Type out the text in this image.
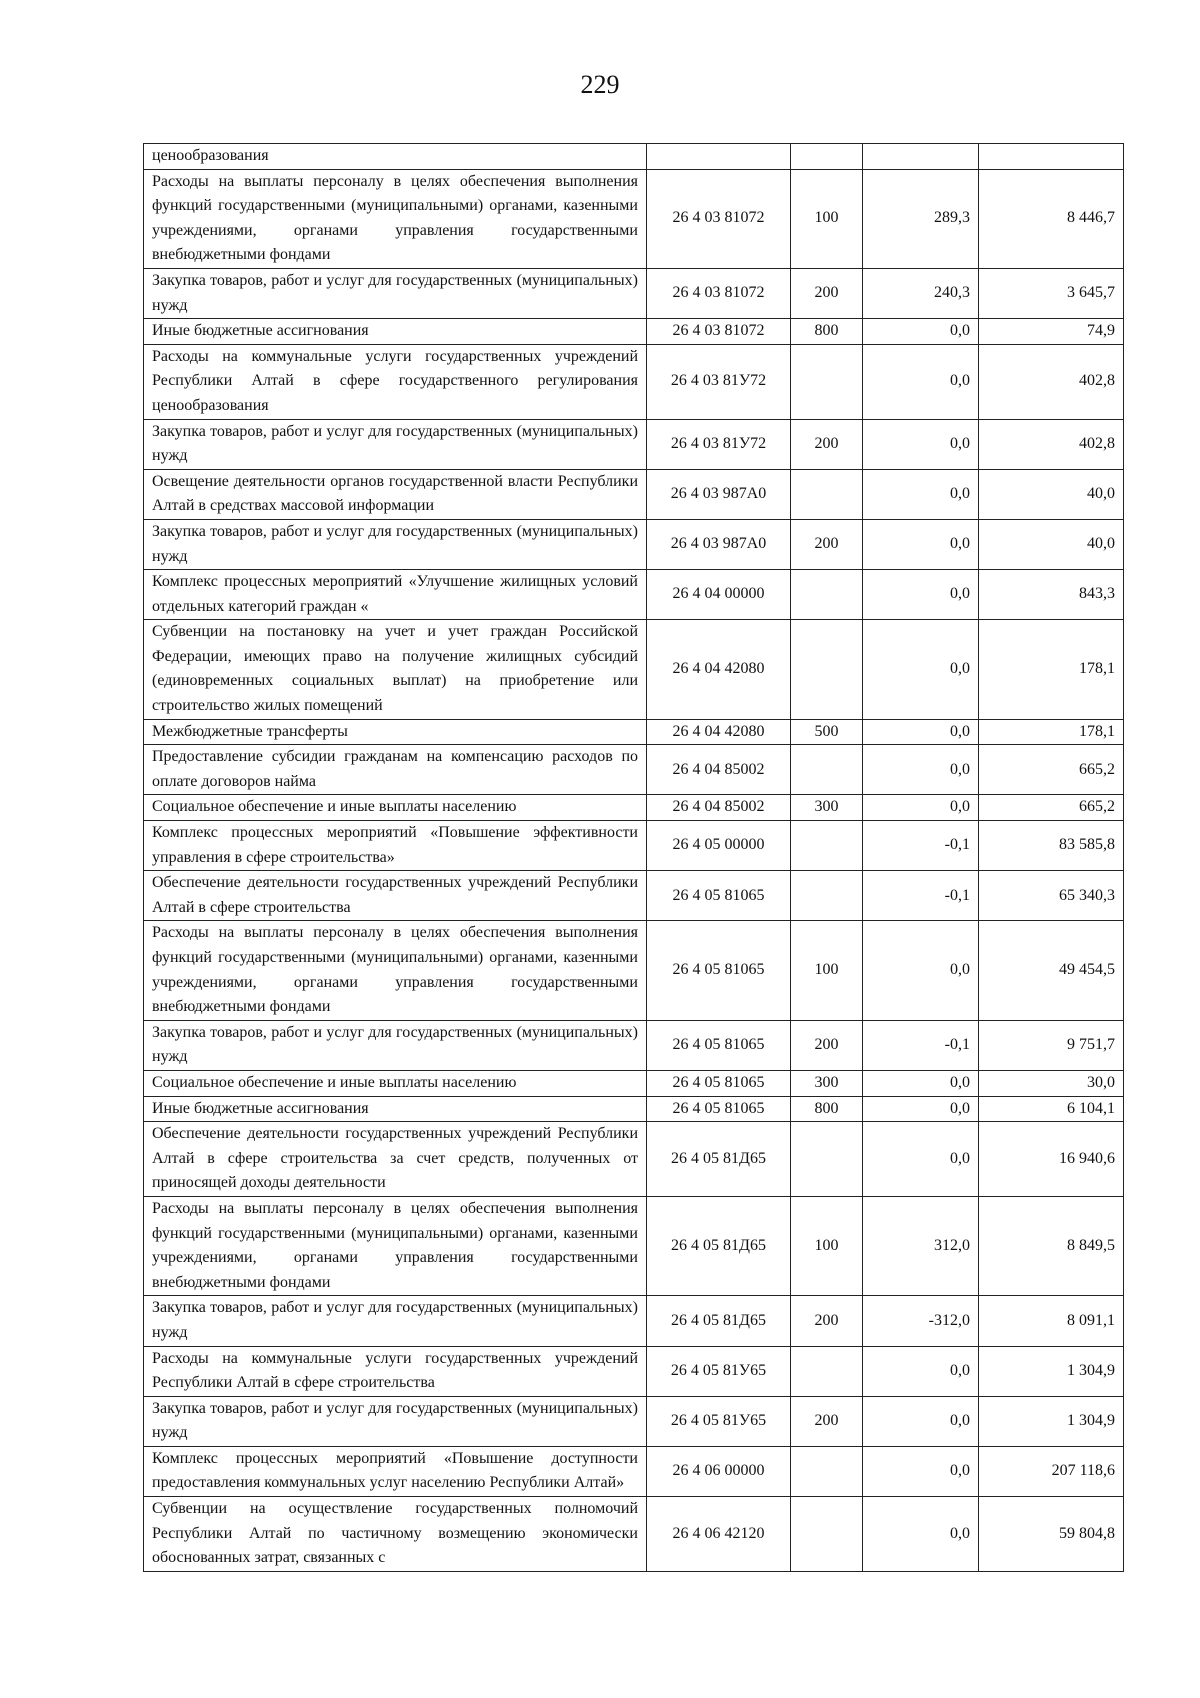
229
ценообразования				
Расходы на выплаты персоналу в целях обеспечения выполнения функций государственными (муниципальными) органами, казенными учреждениями, органами управления государственными внебюджетными фондами	26 4 03 81072	100	289,3	8 446,7
Закупка товаров, работ и услуг для государственных (муниципальных) нужд	26 4 03 81072	200	240,3	3 645,7
Иные бюджетные ассигнования	26 4 03 81072	800	0,0	74,9
Расходы на коммунальные услуги государственных учреждений Республики Алтай в сфере государственного регулирования ценообразования	26 4 03 81У72		0,0	402,8
Закупка товаров, работ и услуг для государственных (муниципальных) нужд	26 4 03 81У72	200	0,0	402,8
Освещение деятельности органов государственной власти Республики Алтай в средствах массовой информации	26 4 03 987А0		0,0	40,0
Закупка товаров, работ и услуг для государственных (муниципальных) нужд	26 4 03 987А0	200	0,0	40,0
Комплекс процессных мероприятий «Улучшение жилищных условий отдельных категорий граждан «	26 4 04 00000		0,0	843,3
Субвенции на постановку на учет и учет граждан Российской Федерации, имеющих право на получение жилищных субсидий (единовременных социальных выплат) на приобретение или строительство жилых помещений	26 4 04 42080		0,0	178,1
Межбюджетные трансферты	26 4 04 42080	500	0,0	178,1
Предоставление субсидии гражданам на компенсацию расходов по оплате договоров найма	26 4 04 85002		0,0	665,2
Социальное обеспечение и иные выплаты населению	26 4 04 85002	300	0,0	665,2
Комплекс процессных мероприятий «Повышение эффективности управления в сфере строительства»	26 4 05 00000		-0,1	83 585,8
Обеспечение деятельности государственных учреждений Республики Алтай в сфере строительства	26 4 05 81065		-0,1	65 340,3
Расходы на выплаты персоналу в целях обеспечения выполнения функций государственными (муниципальными) органами, казенными учреждениями, органами управления государственными внебюджетными фондами	26 4 05 81065	100	0,0	49 454,5
Закупка товаров, работ и услуг для государственных (муниципальных) нужд	26 4 05 81065	200	-0,1	9 751,7
Социальное обеспечение и иные выплаты населению	26 4 05 81065	300	0,0	30,0
Иные бюджетные ассигнования	26 4 05 81065	800	0,0	6 104,1
Обеспечение деятельности государственных учреждений Республики Алтай в сфере строительства за счет средств, полученных от приносящей доходы деятельности	26 4 05 81Д65		0,0	16 940,6
Расходы на выплаты персоналу в целях обеспечения выполнения функций государственными (муниципальными) органами, казенными учреждениями, органами управления государственными внебюджетными фондами	26 4 05 81Д65	100	312,0	8 849,5
Закупка товаров, работ и услуг для государственных (муниципальных) нужд	26 4 05 81Д65	200	-312,0	8 091,1
Расходы на коммунальные услуги государственных учреждений Республики Алтай в сфере строительства	26 4 05 81У65		0,0	1 304,9
Закупка товаров, работ и услуг для государственных (муниципальных) нужд	26 4 05 81У65	200	0,0	1 304,9
Комплекс процессных мероприятий «Повышение доступности предоставления коммунальных услуг населению Республики Алтай»	26 4 06 00000		0,0	207 118,6
Субвенции на осуществление государственных полномочий Республики Алтай по частичному возмещению экономически обоснованных затрат, связанных с	26 4 06 42120		0,0	59 804,8
